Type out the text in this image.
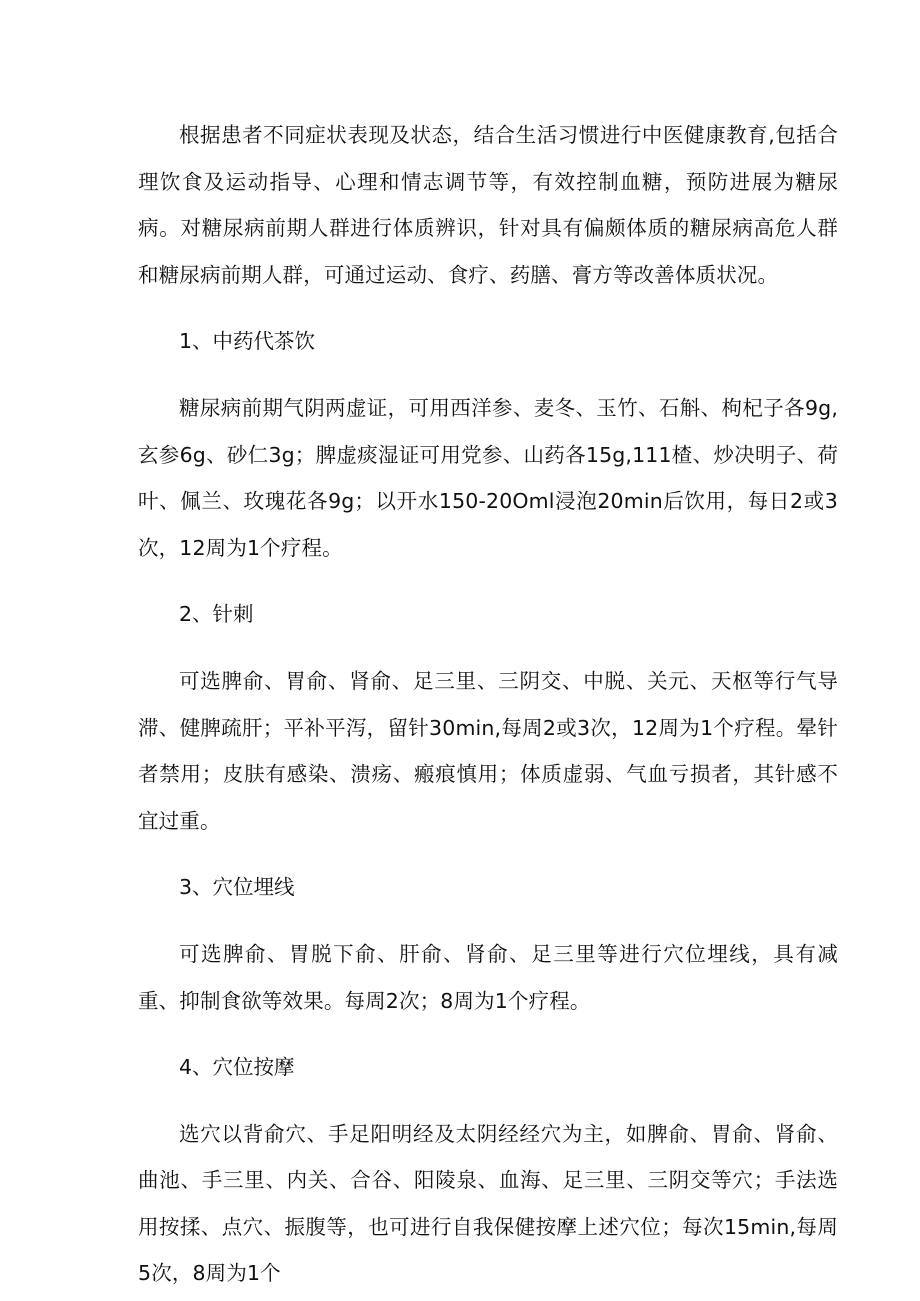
根据患者不同症状表现及状态，结合生活习惯进行中医健康教育,包括合理饮食及运动指导、心理和情志调节等，有效控制血糖，预防进展为糖尿病。对糖尿病前期人群进行体质辨识，针对具有偏颇体质的糖尿病高危人群和糖尿病前期人群，可通过运动、食疗、药膳、膏方等改善体质状况。

1、中药代茶饮

糖尿病前期气阴两虚证，可用西洋参、麦冬、玉竹、石斛、枸杞子各9g,玄参6g、砂仁3g；脾虚痰湿证可用党参、山药各15g,111楂、炒决明子、荷叶、佩兰、玫瑰花各9g；以开水150-20Oml浸泡20min后饮用，每日2或3次，12周为1个疗程。

2、针刺

可选脾俞、胃俞、肾俞、足三里、三阴交、中脱、关元、天枢等行气导滞、健脾疏肝；平补平泻，留针30min,每周2或3次，12周为1个疗程。晕针者禁用；皮肤有感染、溃疡、瘢痕慎用；体质虚弱、气血亏损者，其针感不宜过重。

3、穴位埋线

可选脾俞、胃脱下俞、肝俞、肾俞、足三里等进行穴位埋线，具有减重、抑制食欲等效果。每周2次；8周为1个疗程。

4、穴位按摩

选穴以背俞穴、手足阳明经及太阴经经穴为主，如脾俞、胃俞、肾俞、曲池、手三里、内关、合谷、阳陵泉、血海、足三里、三阴交等穴；手法选用按揉、点穴、振腹等，也可进行自我保健按摩上述穴位；每次15min,每周5次，8周为1个
